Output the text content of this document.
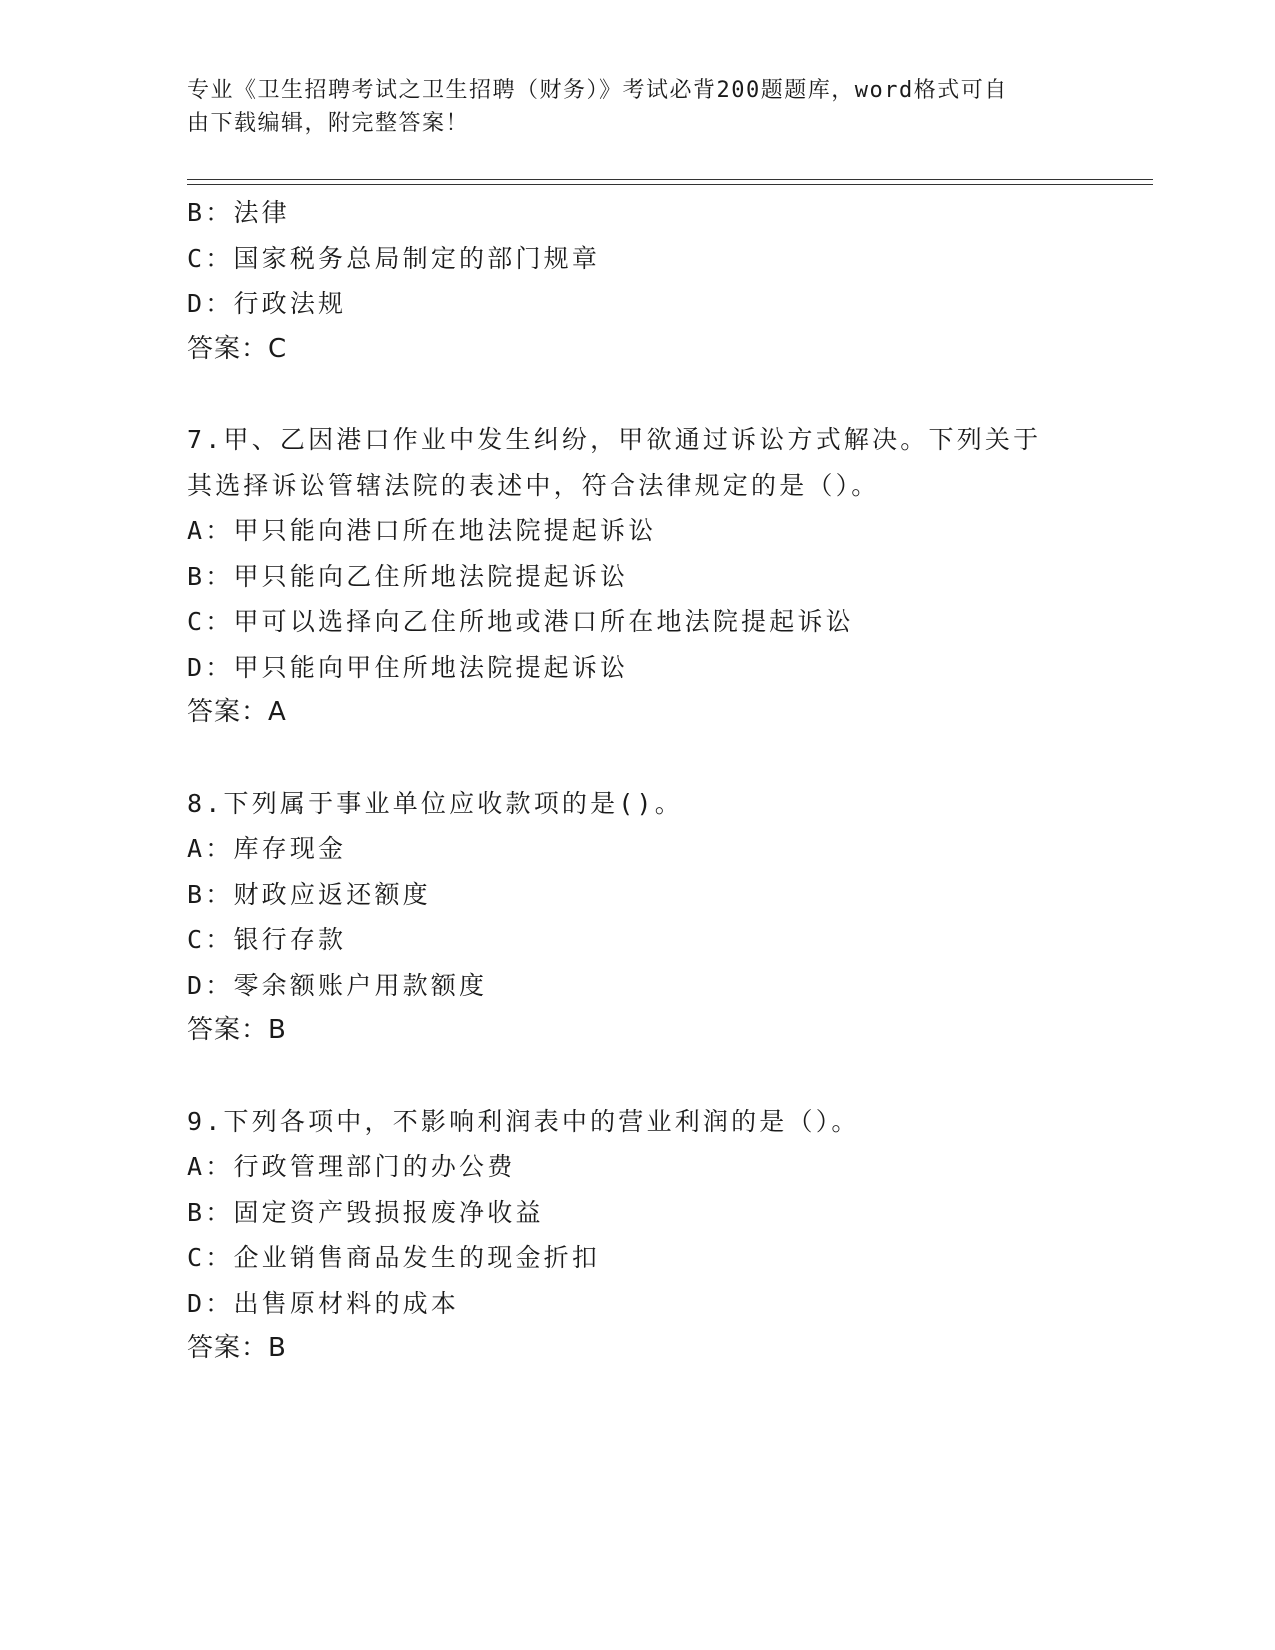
专业《卫生招聘考试之卫生招聘（财务）》考试必背200题题库，word格式可自
由下载编辑，附完整答案！
B：法律
C：国家税务总局制定的部门规章
D：行政法规
答案：C
7.甲、乙因港口作业中发生纠纷，甲欲通过诉讼方式解决。下列关于
其选择诉讼管辖法院的表述中，符合法律规定的是（）。
A：甲只能向港口所在地法院提起诉讼
B：甲只能向乙住所地法院提起诉讼
C：甲可以选择向乙住所地或港口所在地法院提起诉讼
D：甲只能向甲住所地法院提起诉讼
答案：A
8.下列属于事业单位应收款项的是()。
A：库存现金
B：财政应返还额度
C：银行存款
D：零余额账户用款额度
答案：B
9.下列各项中，不影响利润表中的营业利润的是（）。
A：行政管理部门的办公费
B：固定资产毁损报废净收益
C：企业销售商品发生的现金折扣
D：出售原材料的成本
答案：B
